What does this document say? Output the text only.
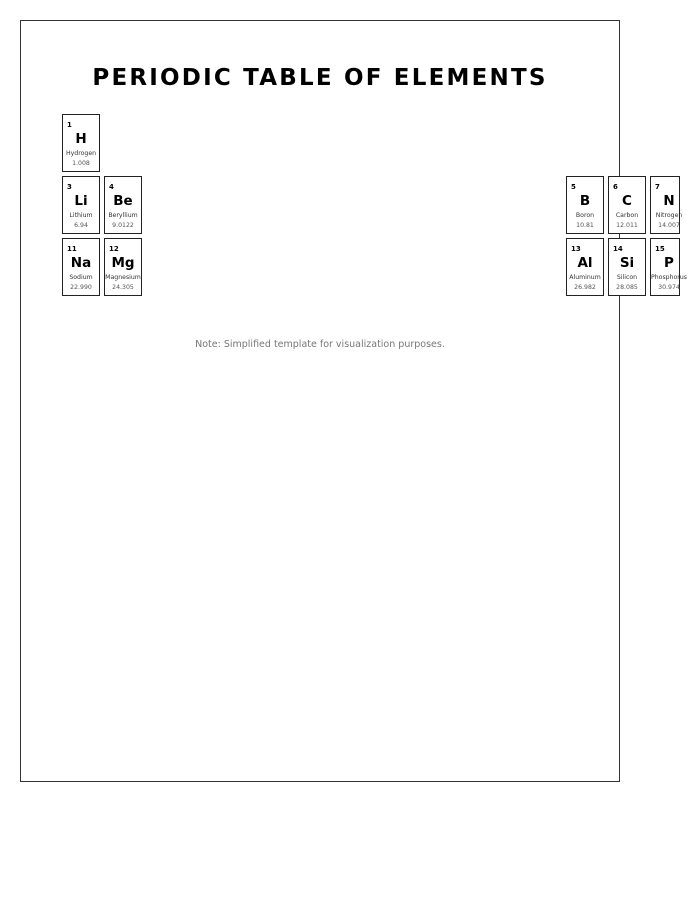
PERIODIC TABLE OF ELEMENTS
1
H
Hydrogen
1.008
3
Li
Lithium
6.94
4
Be
Beryllium
9.0122
5
B
Boron
10.81
6
C
Carbon
12.011
7
N
Nitrogen
14.007
11
Na
Sodium
22.990
12
Mg
Magnesium
24.305
13
Al
Aluminum
26.982
14
Si
Silicon
28.085
15
P
Phosphorus
30.974
Note: Simplified template for visualization purposes.
